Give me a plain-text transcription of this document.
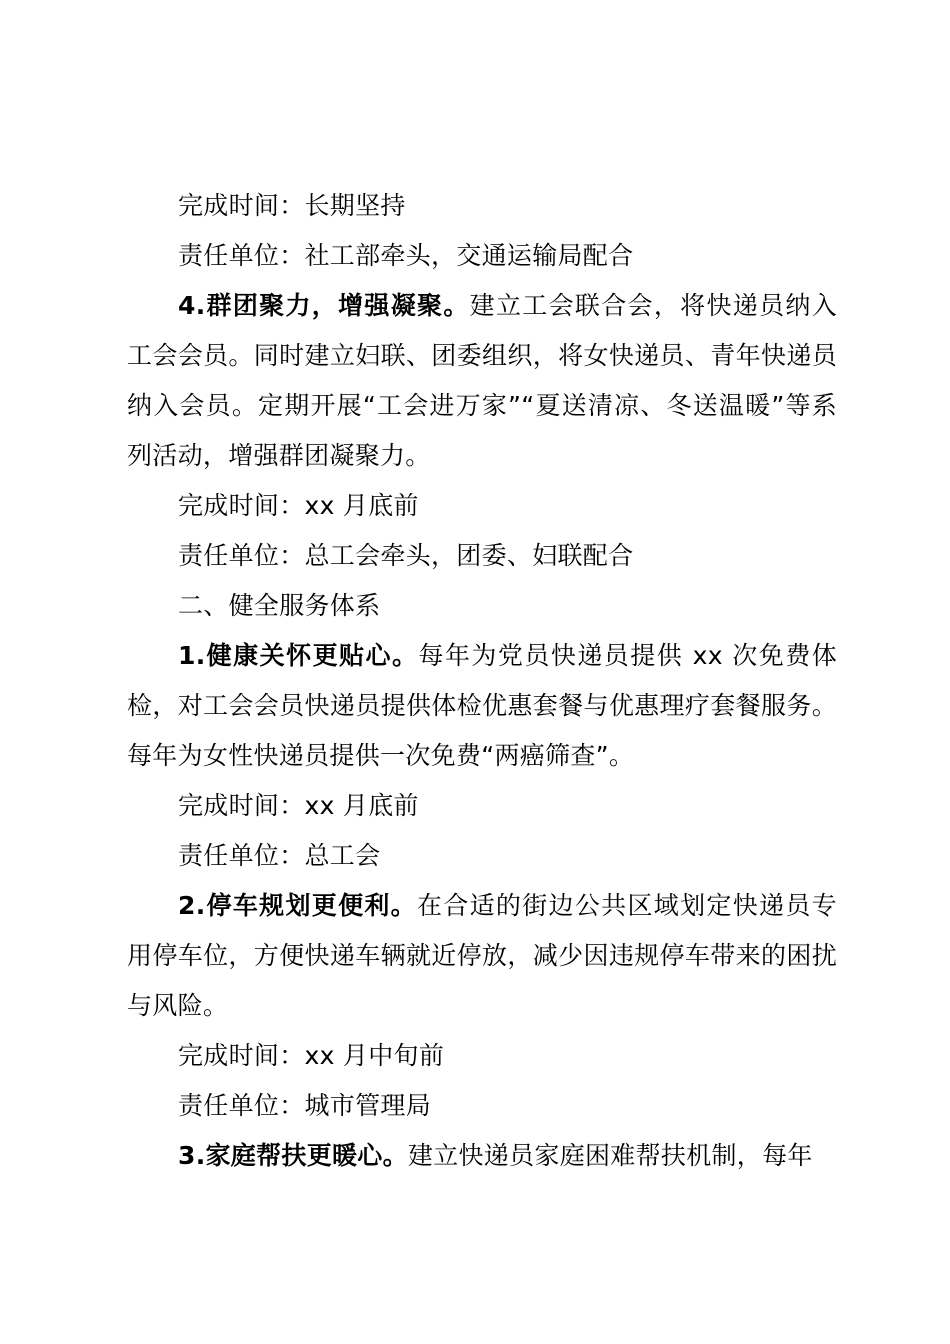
完成时间：长期坚持

责任单位：社工部牵头，交通运输局配合

4.群团聚力，增强凝聚。建立工会联合会，将快递员纳入工会会员。同时建立妇联、团委组织，将女快递员、青年快递员纳入会员。定期开展“工会进万家”“夏送清凉、冬送温暖”等系列活动，增强群团凝聚力。

完成时间：xx 月底前

责任单位：总工会牵头，团委、妇联配合

二、健全服务体系

1.健康关怀更贴心。每年为党员快递员提供 xx 次免费体检，对工会会员快递员提供体检优惠套餐与优惠理疗套餐服务。每年为女性快递员提供一次免费“两癌筛查”。

完成时间：xx 月底前

责任单位：总工会

2.停车规划更便利。在合适的街边公共区域划定快递员专用停车位，方便快递车辆就近停放，减少因违规停车带来的困扰与风险。

完成时间：xx 月中旬前

责任单位：城市管理局

3.家庭帮扶更暖心。建立快递员家庭困难帮扶机制，每年
